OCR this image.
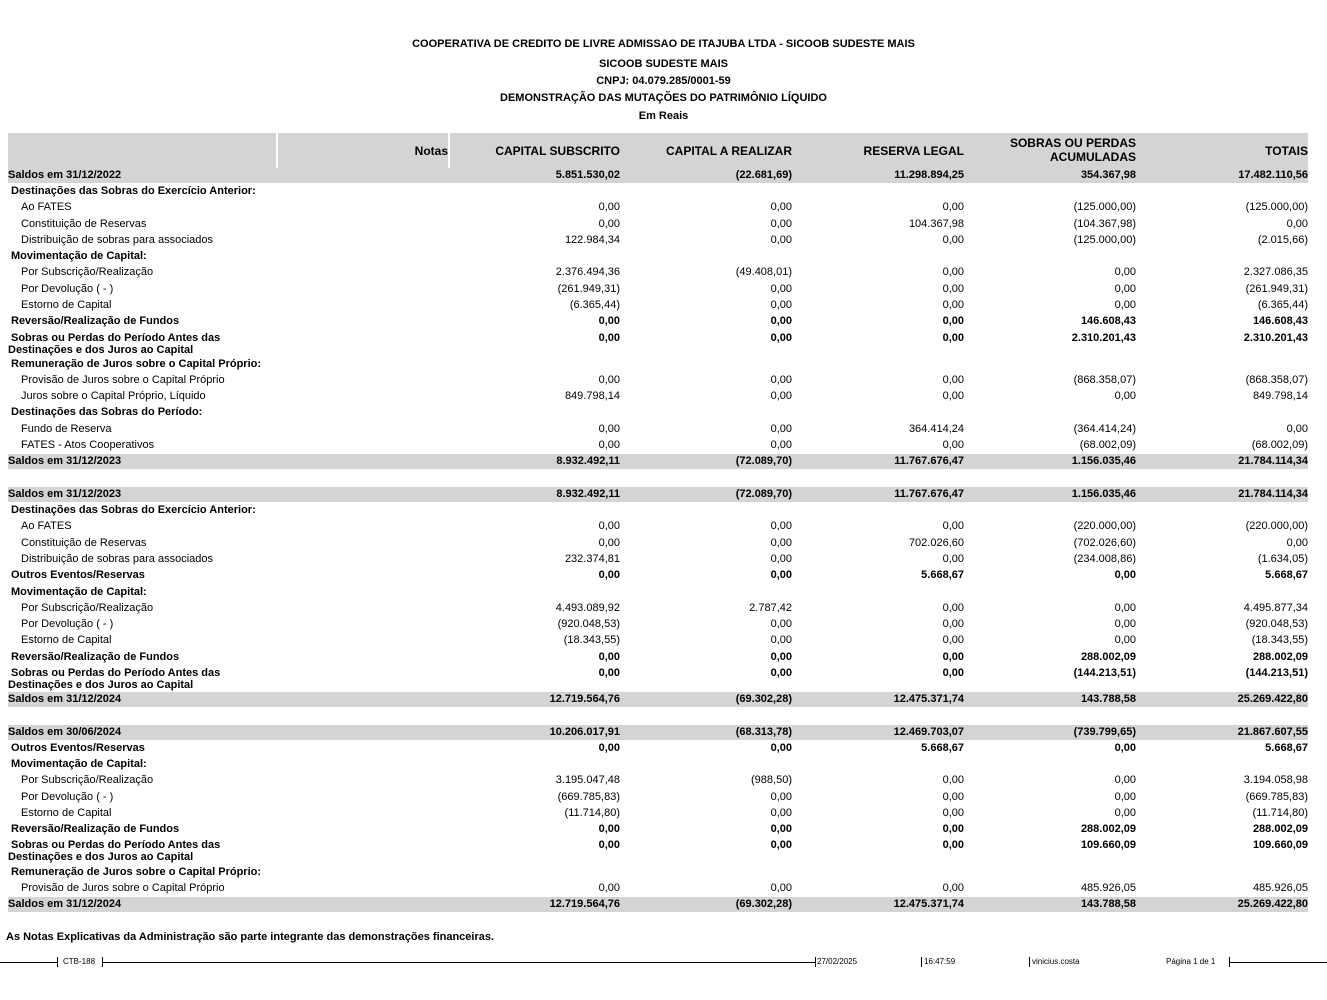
COOPERATIVA DE CREDITO DE LIVRE ADMISSAO DE ITAJUBA LTDA - SICOOB SUDESTE MAIS
SICOOB SUDESTE MAIS
CNPJ: 04.079.285/0001-59
DEMONSTRAÇÃO DAS MUTAÇÕES DO PATRIMÔNIO LÍQUIDO
Em Reais
Notas	CAPITAL SUBSCRITO	CAPITAL A REALIZAR	RESERVA LEGAL
SOBRAS OU PERDAS
ACUMULADAS	TOTAIS
Saldos em 31/12/2022	5.851.530,02	(22.681,69)	11.298.894,25	354.367,98	17.482.110,56
Destinações das Sobras do Exercício Anterior:
Ao FATES	0,00	0,00	0,00	(125.000,00)	(125.000,00)
Constituição de Reservas	0,00	0,00	104.367,98	(104.367,98)	0,00
Distribuição de sobras para associados	122.984,34	0,00	0,00	(125.000,00)	(2.015,66)
Movimentação de Capital:
Por Subscrição/Realização	2.376.494,36	(49.408,01)	0,00	0,00	2.327.086,35
Por Devolução ( - )	(261.949,31)	0,00	0,00	0,00	(261.949,31)
Estorno de Capital	(6.365,44)	0,00	0,00	0,00	(6.365,44)
Reversão/Realização de Fundos	0,00	0,00	0,00	146.608,43	146.608,43
Sobras ou Perdas do Período Antes das
Destinações e dos Juros ao Capital
0,00	0,00	0,00	2.310.201,43	2.310.201,43
Remuneração de Juros sobre o Capital Próprio:
Provisão de Juros sobre o Capital Próprio	0,00	0,00	0,00	(868.358,07)	(868.358,07)
Juros sobre o Capital Próprio, Líquido	849.798,14	0,00	0,00	0,00	849.798,14
Destinações das Sobras do Período:
Fundo de Reserva	0,00	0,00	364.414,24	(364.414,24)	0,00
FATES - Atos Cooperativos	0,00	0,00	0,00	(68.002,09)	(68.002,09)
Saldos em 31/12/2023	8.932.492,11	(72.089,70)	11.767.676,47	1.156.035,46	21.784.114,34
Saldos em 31/12/2023	8.932.492,11	(72.089,70)	11.767.676,47	1.156.035,46	21.784.114,34
Destinações das Sobras do Exercício Anterior:
Ao FATES	0,00	0,00	0,00	(220.000,00)	(220.000,00)
Constituição de Reservas	0,00	0,00	702.026,60	(702.026,60)	0,00
Distribuição de sobras para associados	232.374,81	0,00	0,00	(234.008,86)	(1.634,05)
Outros Eventos/Reservas	0,00	0,00	5.668,67	0,00	5.668,67
Movimentação de Capital:
Por Subscrição/Realização	4.493.089,92	2.787,42	0,00	0,00	4.495.877,34
Por Devolução ( - )	(920.048,53)	0,00	0,00	0,00	(920.048,53)
Estorno de Capital	(18.343,55)	0,00	0,00	0,00	(18.343,55)
Reversão/Realização de Fundos	0,00	0,00	0,00	288.002,09	288.002,09
Sobras ou Perdas do Período Antes das
Destinações e dos Juros ao Capital
0,00	0,00	0,00	(144.213,51)	(144.213,51)
Saldos em 31/12/2024	12.719.564,76	(69.302,28)	12.475.371,74	143.788,58	25.269.422,80
Saldos em 30/06/2024	10.206.017,91	(68.313,78)	12.469.703,07	(739.799,65)	21.867.607,55
Outros Eventos/Reservas	0,00	0,00	5.668,67	0,00	5.668,67
Movimentação de Capital:
Por Subscrição/Realização	3.195.047,48	(988,50)	0,00	0,00	3.194.058,98
Por Devolução ( - )	(669.785,83)	0,00	0,00	0,00	(669.785,83)
Estorno de Capital	(11.714,80)	0,00	0,00	0,00	(11.714,80)
Reversão/Realização de Fundos	0,00	0,00	0,00	288.002,09	288.002,09
Sobras ou Perdas do Período Antes das
Destinações e dos Juros ao Capital
0,00	0,00	0,00	109.660,09	109.660,09
Remuneração de Juros sobre o Capital Próprio:
Provisão de Juros sobre o Capital Próprio	0,00	0,00	0,00	485.926,05	485.926,05
Saldos em 31/12/2024	12.719.564,76	(69.302,28)	12.475.371,74	143.788,58	25.269.422,80
As Notas Explicativas da Administração são parte integrante das demonstrações financeiras.
CTB-188	27/02/2025	16:47:59	vinicius.costa	Página 1 de 1
